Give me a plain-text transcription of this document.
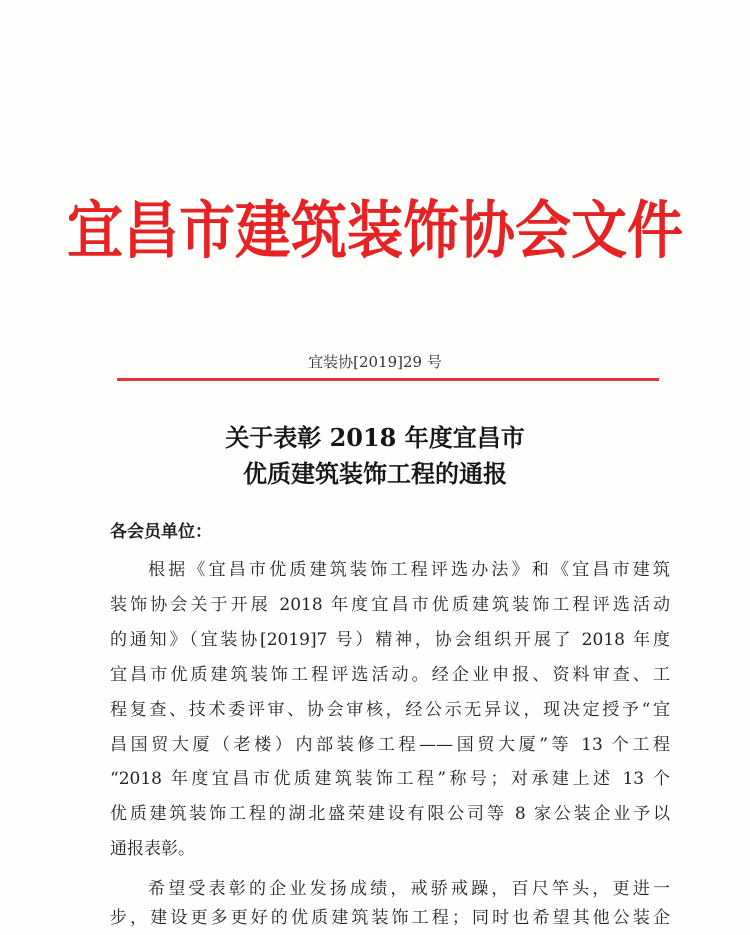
宜昌市建筑装饰协会文件
宜装协[2019]29 号
关于表彰 2018 年度宜昌市
优质建筑装饰工程的通报
各会员单位：
根据《宜昌市优质建筑装饰工程评选办法》和《宜昌市建筑
装饰协会关于开展 2018 年度宜昌市优质建筑装饰工程评选活动
的通知》（宜装协[2019]7 号）精神，协会组织开展了 2018 年度
宜昌市优质建筑装饰工程评选活动。经企业申报、资料审查、工
程复查、技术委评审、协会审核，经公示无异议，现决定授予“宜
昌国贸大厦（老楼）内部装修工程——国贸大厦”等 13 个工程
“2018 年度宜昌市优质建筑装饰工程”称号；对承建上述 13 个
优质建筑装饰工程的湖北盛荣建设有限公司等 8 家公装企业予以
通报表彰。
希望受表彰的企业发扬成绩，戒骄戒躁，百尺竿头，更进一
步，建设更多更好的优质建筑装饰工程；同时也希望其他公装企
